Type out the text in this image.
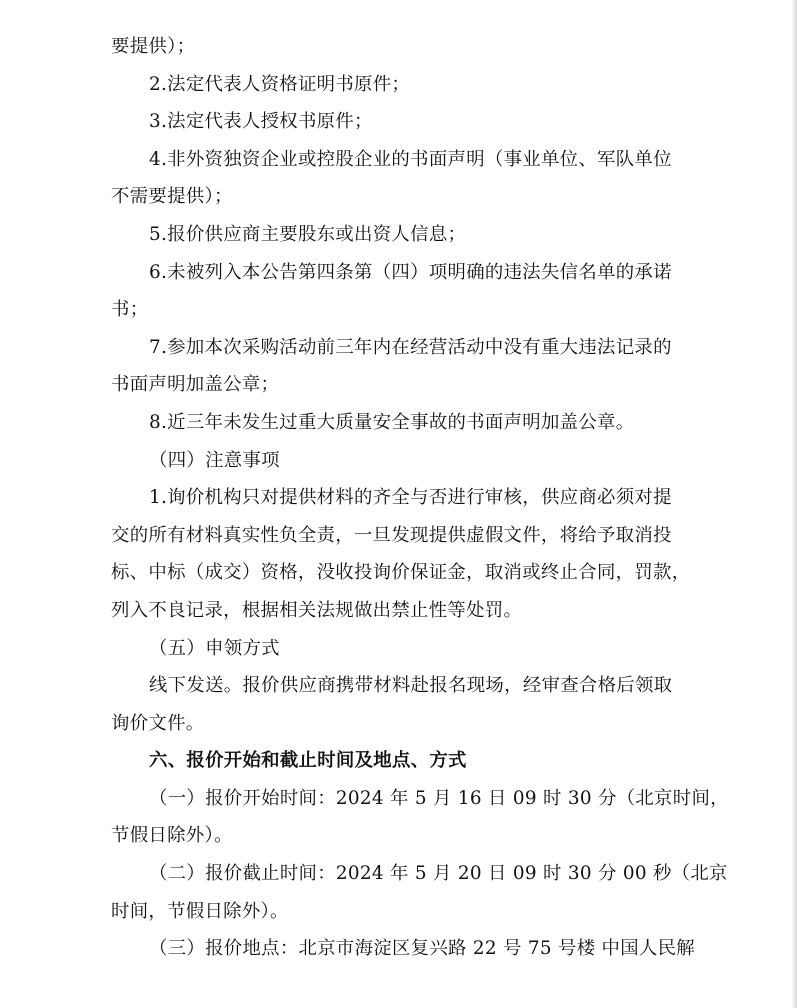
要提供）；

2.法定代表人资格证明书原件；

3.法定代表人授权书原件；

4.非外资独资企业或控股企业的书面声明（事业单位、军队单位

不需要提供）；

5.报价供应商主要股东或出资人信息；

6.未被列入本公告第四条第（四）项明确的违法失信名单的承诺

书；

7.参加本次采购活动前三年内在经营活动中没有重大违法记录的

书面声明加盖公章；

8.近三年未发生过重大质量安全事故的书面声明加盖公章。

（四）注意事项

1.询价机构只对提供材料的齐全与否进行审核，供应商必须对提

交的所有材料真实性负全责，一旦发现提供虚假文件，将给予取消投

标、中标（成交）资格，没收投询价保证金，取消或终止合同，罚款，

列入不良记录，根据相关法规做出禁止性等处罚。

（五）申领方式

线下发送。报价供应商携带材料赴报名现场，经审查合格后领取

询价文件。

六、报价开始和截止时间及地点、方式

（一）报价开始时间：2024 年 5 月 16 日 09 时 30 分（北京时间，

节假日除外）。

（二）报价截止时间：2024 年 5 月 20 日 09 时 30 分 00 秒（北京

时间，节假日除外）。

（三）报价地点：北京市海淀区复兴路 22 号 75 号楼 中国人民解
